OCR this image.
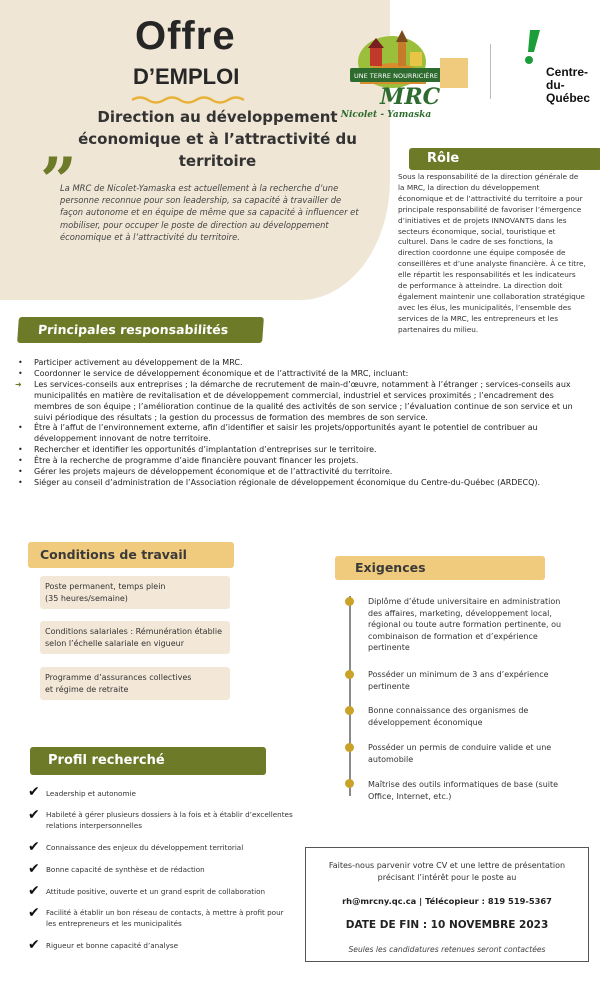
Offre
D’EMPLOI
Direction au développement économique et à l’attractivité du territoire
”
La MRC de Nicolet-Yamaska est actuellement à la recherche d’une personne reconnue pour son leadership, sa capacité à travailler de façon autonome et en équipe de même que sa capacité à influencer et mobiliser, pour occuper le poste de direction au développement économique et à l’attractivité du territoire.
UNE TERRE NOURRICIÈRE
MRC
Nicolet - Yamaska
Centre-
du-
Québec
Rôle
Sous la responsabilité de la direction générale de la MRC, la direction du développement économique et de l’attractivité du territoire a pour principale responsabilité de favoriser l’émergence d’initiatives et de projets INNOVANTS dans les secteurs économique, social, touristique et culturel. Dans le cadre de ses fonctions, la direction coordonne une équipe composée de conseillères et d’une analyste financière. À ce titre, elle répartit les responsabilités et les indicateurs de performance à atteindre. La direction doit également maintenir une collaboration stratégique avec les élus, les municipalités, l’ensemble des services de la MRC, les entrepreneurs et les partenaires du milieu.
Principales responsabilités
• Participer activement au développement de la MRC.
• Coordonner le service de développement économique et de l’attractivité de la MRC, incluant:
➜ Les services-conseils aux entreprises ; la démarche de recrutement de main-d’œuvre, notamment à l’étranger ; services-conseils aux municipalités en matière de revitalisation et de développement commercial, industriel et services proximités ; l’encadrement des membres de son équipe ; l’amélioration continue de la qualité des activités de son service ; l’évaluation continue de son service et un suivi périodique des résultats ; la gestion du processus de formation des membres de son service.
• Être à l’affut de l’environnement externe, afin d’identifier et saisir les projets/opportunités ayant le potentiel de contribuer au développement innovant de notre territoire.
• Rechercher et identifier les opportunités d’implantation d’entreprises sur le territoire.
• Être à la recherche de programme d’aide financière pouvant financer les projets.
• Gérer les projets majeurs de développement économique et de l’attractivité du territoire.
• Siéger au conseil d’administration de l’Association régionale de développement économique du Centre-du-Québec (ARDECQ).
Conditions de travail
Poste permanent, temps plein
(35 heures/semaine)
Conditions salariales : Rémunération établie selon l’échelle salariale en vigueur
Programme d’assurances collectives
et régime de retraite
Exigences
Diplôme d’étude universitaire en administration des affaires, marketing, développement local, régional ou toute autre formation pertinente, ou combinaison de formation et d’expérience pertinente
Posséder un minimum de 3 ans d’expérience pertinente
Bonne connaissance des organismes de développement économique
Posséder un permis de conduire valide et une automobile
Maîtrise des outils informatiques de base (suite Office, Internet, etc.)
Profil recherché
✔ Leadership et autonomie
✔ Habileté à gérer plusieurs dossiers à la fois et à établir d’excellentes relations interpersonnelles
✔ Connaissance des enjeux du développement territorial
✔ Bonne capacité de synthèse et de rédaction
✔ Attitude positive, ouverte et un grand esprit de collaboration
✔ Facilité à établir un bon réseau de contacts, à mettre à profit pour les entrepreneurs et les municipalités
✔ Rigueur et bonne capacité d’analyse
Faites-nous parvenir votre CV et une lettre de présentation précisant l’intérêt pour le poste au
rh@mrcny.qc.ca | Télécopieur : 819 519-5367
DATE DE FIN : 10 NOVEMBRE 2023
Seules les candidatures retenues seront contactées
